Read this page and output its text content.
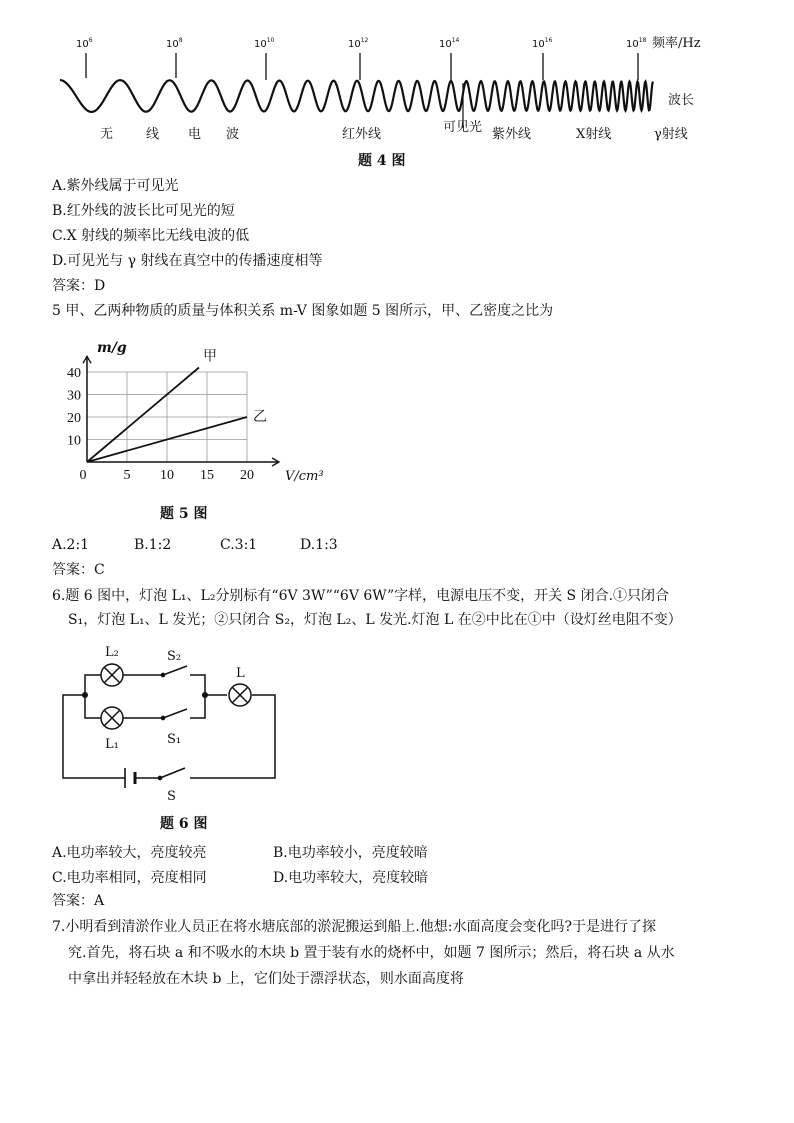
$10^6$	$10^8$	$10^{10}$	$10^{12}$	$10^{14}$	$10^{16}$	$10^{18}$ 频率/Hz
波长
无	线 电 波	红外线	可见光 紫外线	X射线	γ射线
题 4 图
A.紫外线属于可见光
B.红外线的波长比可见光的短
C.X 射线的频率比无线电波的低
D.可见光与 γ 射线在真空中的传播速度相等
答案：D
5 甲、乙两种物质的质量与体积关系 m-V 图象如题 5 图所示，甲、乙密度之比为
0	5 10 15 20
10
20
30
40
甲
乙
m/g
V/cm³
题 5 图
A.2:1	B.1:2	C.3:1	D.1:3
答案：C
6.题 6 图中，灯泡 L₁、L₂分别标有“6V 3W”“6V 6W”字样，电源电压不变，开关 S 闭合.①只闭合
S₁，灯泡 L₁、L 发光；②只闭合 S₂，灯泡 L₂、L 发光.灯泡 L 在②中比在①中（设灯丝电阻不变）
L₂	S₂
L
L₁	S₁
S
题 6 图
A.电功率较大，亮度较亮	B.电功率较小，亮度较暗
C.电功率相同，亮度相同	D.电功率较大，亮度较暗
答案：A
7.小明看到清淤作业人员正在将水塘底部的淤泥搬运到船上.他想:水面高度会变化吗?于是进行了探
究.首先，将石块 a 和不吸水的木块 b 置于装有水的烧杯中，如题 7 图所示；然后，将石块 a 从水
中拿出并轻轻放在木块 b 上，它们处于漂浮状态，则水面高度将
